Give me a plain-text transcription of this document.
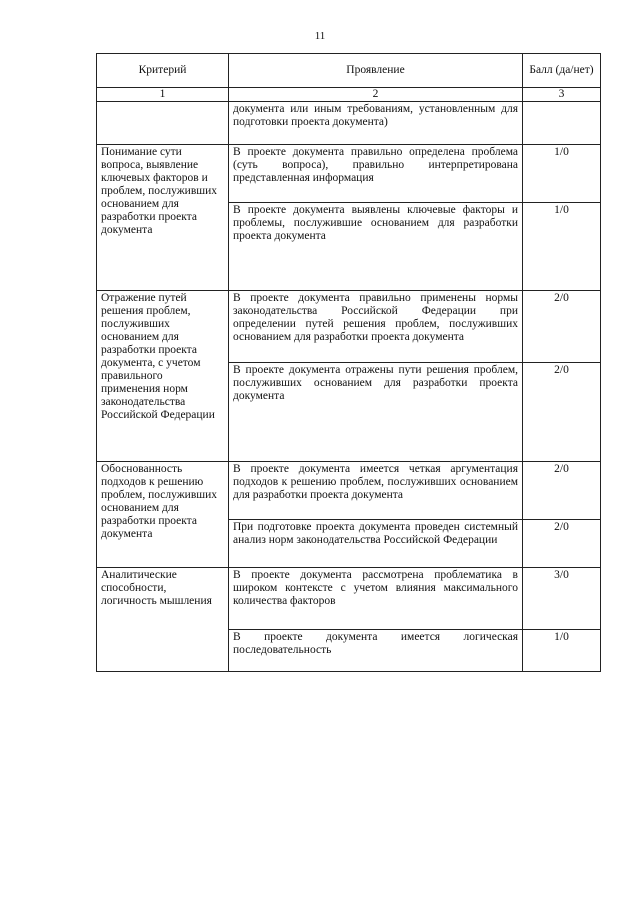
11
Критерий	Проявление	Балл (да/нет)
1	2	3
	документа или иным требованиям, установленным для подготовки проекта документа)	
Понимание сути вопроса, выявление ключевых факторов и проблем, послуживших основанием для разработки проекта документа	В проекте документа правильно определена проблема (суть вопроса), правильно интерпретирована представленная информация	1/0
	В проекте документа выявлены ключевые факторы и проблемы, послужившие основанием для разработки проекта документа	1/0
Отражение путей решения проблем, послуживших основанием для разработки проекта документа, с учетом правильного применения норм законодательства Российской Федерации	В проекте документа правильно применены нормы законодательства Российской Федерации при определении путей решения проблем, послуживших основанием для разработки проекта документа	2/0
	В проекте документа отражены пути решения проблем, послуживших основанием для разработки проекта документа	2/0
Обоснованность подходов к решению проблем, послуживших основанием для разработки проекта документа	В проекте документа имеется четкая аргументация подходов к решению проблем, послуживших основанием для разработки проекта документа	2/0
	При подготовке проекта документа проведен системный анализ норм законодательства Российской Федерации	2/0
Аналитические способности, логичность мышления	В проекте документа рассмотрена проблематика в широком контексте с учетом влияния максимального количества факторов	3/0
	В проекте документа имеется логическая последовательность	1/0
